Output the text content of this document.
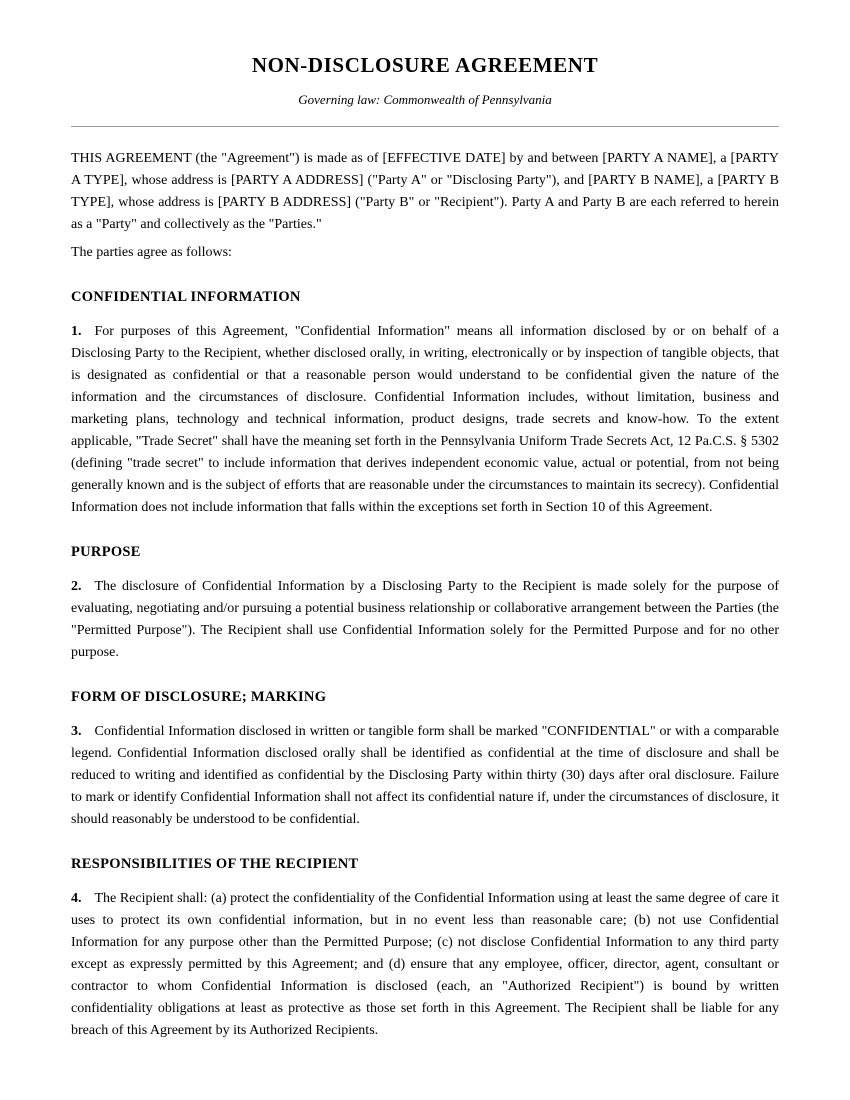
NON-DISCLOSURE AGREEMENT

Governing law: Commonwealth of Pennsylvania

THIS AGREEMENT (the "Agreement") is made as of [EFFECTIVE DATE] by and between [PARTY A NAME], a [PARTY A TYPE], whose address is [PARTY A ADDRESS] ("Party A" or "Disclosing Party"), and [PARTY B NAME], a [PARTY B TYPE], whose address is [PARTY B ADDRESS] ("Party B" or "Recipient"). Party A and Party B are each referred to herein as a "Party" and collectively as the "Parties."

The parties agree as follows:

CONFIDENTIAL INFORMATION

1. For purposes of this Agreement, "Confidential Information" means all information disclosed by or on behalf of a Disclosing Party to the Recipient, whether disclosed orally, in writing, electronically or by inspection of tangible objects, that is designated as confidential or that a reasonable person would understand to be confidential given the nature of the information and the circumstances of disclosure. Confidential Information includes, without limitation, business and marketing plans, technology and technical information, product designs, trade secrets and know-how. To the extent applicable, "Trade Secret" shall have the meaning set forth in the Pennsylvania Uniform Trade Secrets Act, 12 Pa.C.S. § 5302 (defining "trade secret" to include information that derives independent economic value, actual or potential, from not being generally known and is the subject of efforts that are reasonable under the circumstances to maintain its secrecy). Confidential Information does not include information that falls within the exceptions set forth in Section 10 of this Agreement.

PURPOSE

2. The disclosure of Confidential Information by a Disclosing Party to the Recipient is made solely for the purpose of evaluating, negotiating and/or pursuing a potential business relationship or collaborative arrangement between the Parties (the "Permitted Purpose"). The Recipient shall use Confidential Information solely for the Permitted Purpose and for no other purpose.

FORM OF DISCLOSURE; MARKING

3. Confidential Information disclosed in written or tangible form shall be marked "CONFIDENTIAL" or with a comparable legend. Confidential Information disclosed orally shall be identified as confidential at the time of disclosure and shall be reduced to writing and identified as confidential by the Disclosing Party within thirty (30) days after oral disclosure. Failure to mark or identify Confidential Information shall not affect its confidential nature if, under the circumstances of disclosure, it should reasonably be understood to be confidential.

RESPONSIBILITIES OF THE RECIPIENT

4. The Recipient shall: (a) protect the confidentiality of the Confidential Information using at least the same degree of care it uses to protect its own confidential information, but in no event less than reasonable care; (b) not use Confidential Information for any purpose other than the Permitted Purpose; (c) not disclose Confidential Information to any third party except as expressly permitted by this Agreement; and (d) ensure that any employee, officer, director, agent, consultant or contractor to whom Confidential Information is disclosed (each, an "Authorized Recipient") is bound by written confidentiality obligations at least as protective as those set forth in this Agreement. The Recipient shall be liable for any breach of this Agreement by its Authorized Recipients.
